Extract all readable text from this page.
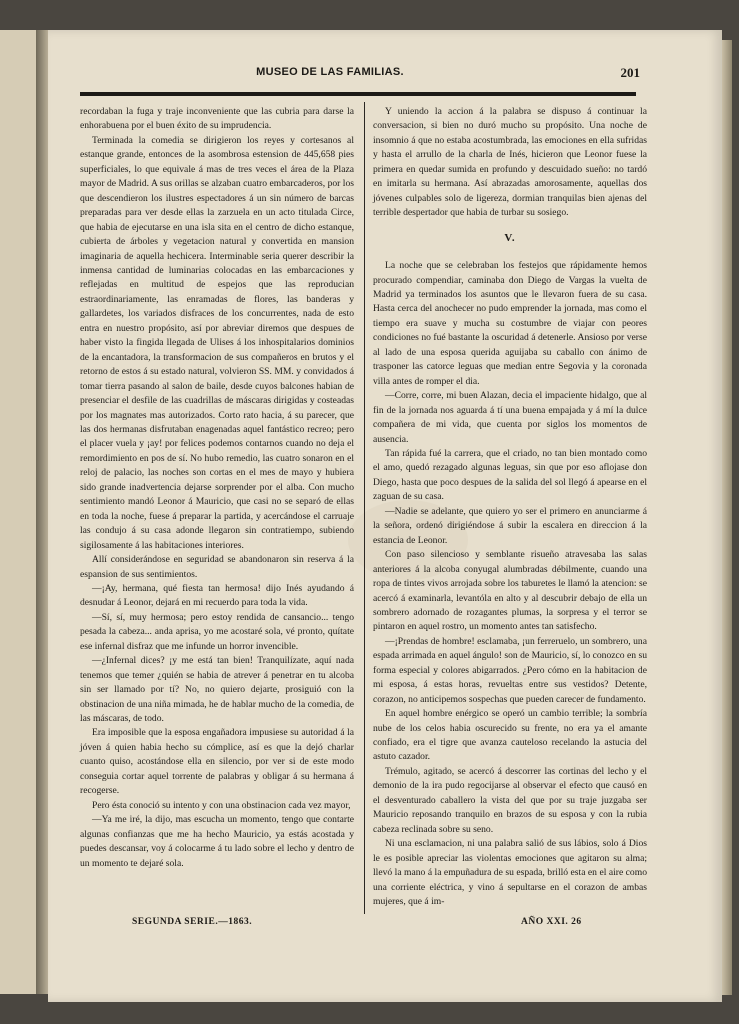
MUSEO DE LAS FAMILIAS.	201

recordaban la fuga y traje inconveniente que las cubria para darse la enhorabuena por el buen éxito de su imprudencia.

Terminada la comedia se dirigieron los reyes y cortesanos al estanque grande, entonces de la asombrosa estension de 445,658 pies superficiales, lo que equivale á mas de tres veces el área de la Plaza mayor de Madrid. A sus orillas se alzaban cuatro embarcaderos, por los que descendieron los ilustres espectadores á un sin número de barcas preparadas para ver desde ellas la zarzuela en un acto titulada Circe, que habia de ejecutarse en una isla sita en el centro de dicho estanque, cubierta de árboles y vegetacion natural y convertida en mansion imaginaria de aquella hechicera. Interminable seria querer describir la inmensa cantidad de luminarias colocadas en las embarcaciones y reflejadas en multitud de espejos que las reproducian estraordinariamente, las enramadas de flores, las banderas y gallardetes, los variados disfraces de los concurrentes, nada de esto entra en nuestro propósito, así por abreviar diremos que despues de haber visto la fingida llegada de Ulises á los inhospitalarios dominios de la encantadora, la transformacion de sus compañeros en brutos y el retorno de estos á su estado natural, volvieron SS. MM. y convidados á tomar tierra pasando al salon de baile, desde cuyos balcones habian de presenciar el desfile de las cuadrillas de máscaras dirigidas y costeadas por los magnates mas autorizados. Corto rato hacia, á su parecer, que las dos hermanas disfrutaban enagenadas aquel fantástico recreo; pero el placer vuela y ¡ay! por felices podemos contarnos cuando no deja el remordimiento en pos de sí. No hubo remedio, las cuatro sonaron en el reloj de palacio, las noches son cortas en el mes de mayo y hubiera sido grande inadvertencia dejarse sorprender por el alba. Con mucho sentimiento mandó Leonor á Mauricio, que casi no se separó de ellas en toda la noche, fuese á preparar la partida, y acercándose el carruaje las condujo á su casa adonde llegaron sin contratiempo, subiendo sigilosamente á las habitaciones interiores.

Allí considerándose en seguridad se abandonaron sin reserva á la espansion de sus sentimientos.

—¡Ay, hermana, qué fiesta tan hermosa! dijo Inés ayudando á desnudar á Leonor, dejará en mi recuerdo para toda la vida.

—Sí, sí, muy hermosa; pero estoy rendida de cansancio... tengo pesada la cabeza... anda aprisa, yo me acostaré sola, vé pronto, quítate ese infernal disfraz que me infunde un horror invencible.

—¿Infernal dices? ¡y me está tan bien! Tranquilízate, aquí nada tenemos que temer ¿quién se habia de atrever á penetrar en tu alcoba sin ser llamado por tí? No, no quiero dejarte, prosiguió con la obstinacion de una niña mimada, he de hablar mucho de la comedia, de las máscaras, de todo.

Era imposible que la esposa engañadora impusiese su autoridad á la jóven á quien habia hecho su cómplice, así es que la dejó charlar cuanto quiso, acostándose ella en silencio, por ver si de este modo conseguia cortar aquel torrente de palabras y obligar á su hermana á recogerse.

Pero ésta conoció su intento y con una obstinacion cada vez mayor,

—Ya me iré, la dijo, mas escucha un momento, tengo que contarte algunas confianzas que me ha hecho Mauricio, ya estás acostada y puedes descansar, voy á colocarme á tu lado sobre el lecho y dentro de un momento te dejaré sola.

Y uniendo la accion á la palabra se dispuso á continuar la conversacion, si bien no duró mucho su propósito. Una noche de insomnio á que no estaba acostumbrada, las emociones en ella sufridas y hasta el arrullo de la charla de Inés, hicieron que Leonor fuese la primera en quedar sumida en profundo y descuidado sueño: no tardó en imitarla su hermana. Así abrazadas amorosamente, aquellas dos jóvenes culpables solo de ligereza, dormian tranquilas bien ajenas del terrible despertador que habia de turbar su sosiego.

V.

La noche que se celebraban los festejos que rápidamente hemos procurado compendiar, caminaba don Diego de Vargas la vuelta de Madrid ya terminados los asuntos que le llevaron fuera de su casa. Hasta cerca del anochecer no pudo emprender la jornada, mas como el tiempo era suave y mucha su costumbre de viajar con peores condiciones no fué bastante la oscuridad á detenerle. Ansioso por verse al lado de una esposa querida aguijaba su caballo con ánimo de trasponer las catorce leguas que median entre Segovia y la coronada villa antes de romper el dia.

—Corre, corre, mi buen Alazan, decia el impaciente hidalgo, que al fin de la jornada nos aguarda á tí una buena empajada y á mí la dulce compañera de mi vida, que cuenta por siglos los momentos de ausencia.

Tan rápida fué la carrera, que el criado, no tan bien montado como el amo, quedó rezagado algunas leguas, sin que por eso aflojase don Diego, hasta que poco despues de la salida del sol llegó á apearse en el zaguan de su casa.

—Nadie se adelante, que quiero yo ser el primero en anunciarme á la señora, ordenó dirigiéndose á subir la escalera en direccion á la estancia de Leonor.

Con paso silencioso y semblante risueño atravesaba las salas anteriores á la alcoba conyugal alumbradas débilmente, cuando una ropa de tintes vivos arrojada sobre los taburetes le llamó la atencion: se acercó á examinarla, levantóla en alto y al descubrir debajo de ella un sombrero adornado de rozagantes plumas, la sorpresa y el terror se pintaron en aquel rostro, un momento antes tan satisfecho.

—¡Prendas de hombre! esclamaba, ¡un ferreruelo, un sombrero, una espada arrimada en aquel ángulo! son de Mauricio, sí, lo conozco en su forma especial y colores abigarrados. ¿Pero cómo en la habitacion de mi esposa, á estas horas, revueltas entre sus vestidos? Detente, corazon, no anticipemos sospechas que pueden carecer de fundamento.

En aquel hombre enérgico se operó un cambio terrible; la sombría nube de los celos habia oscurecido su frente, no era ya el amante confiado, era el tigre que avanza cauteloso recelando la astucia del astuto cazador.

Trémulo, agitado, se acercó á descorrer las cortinas del lecho y el demonio de la ira pudo regocijarse al observar el efecto que causó en el desventurado caballero la vista del que por su traje juzgaba ser Mauricio reposando tranquilo en brazos de su esposa y con la rubia cabeza reclinada sobre su seno.

Ni una esclamacion, ni una palabra salió de sus lábios, solo á Dios le es posible apreciar las violentas emociones que agitaron su alma; llevó la mano á la empuñadura de su espada, brilló esta en el aire como una corriente eléctrica, y vino á sepultarse en el corazon de ambas mujeres, que á im-

SEGUNDA SERIE.—1863.	AÑO XXI. 26
